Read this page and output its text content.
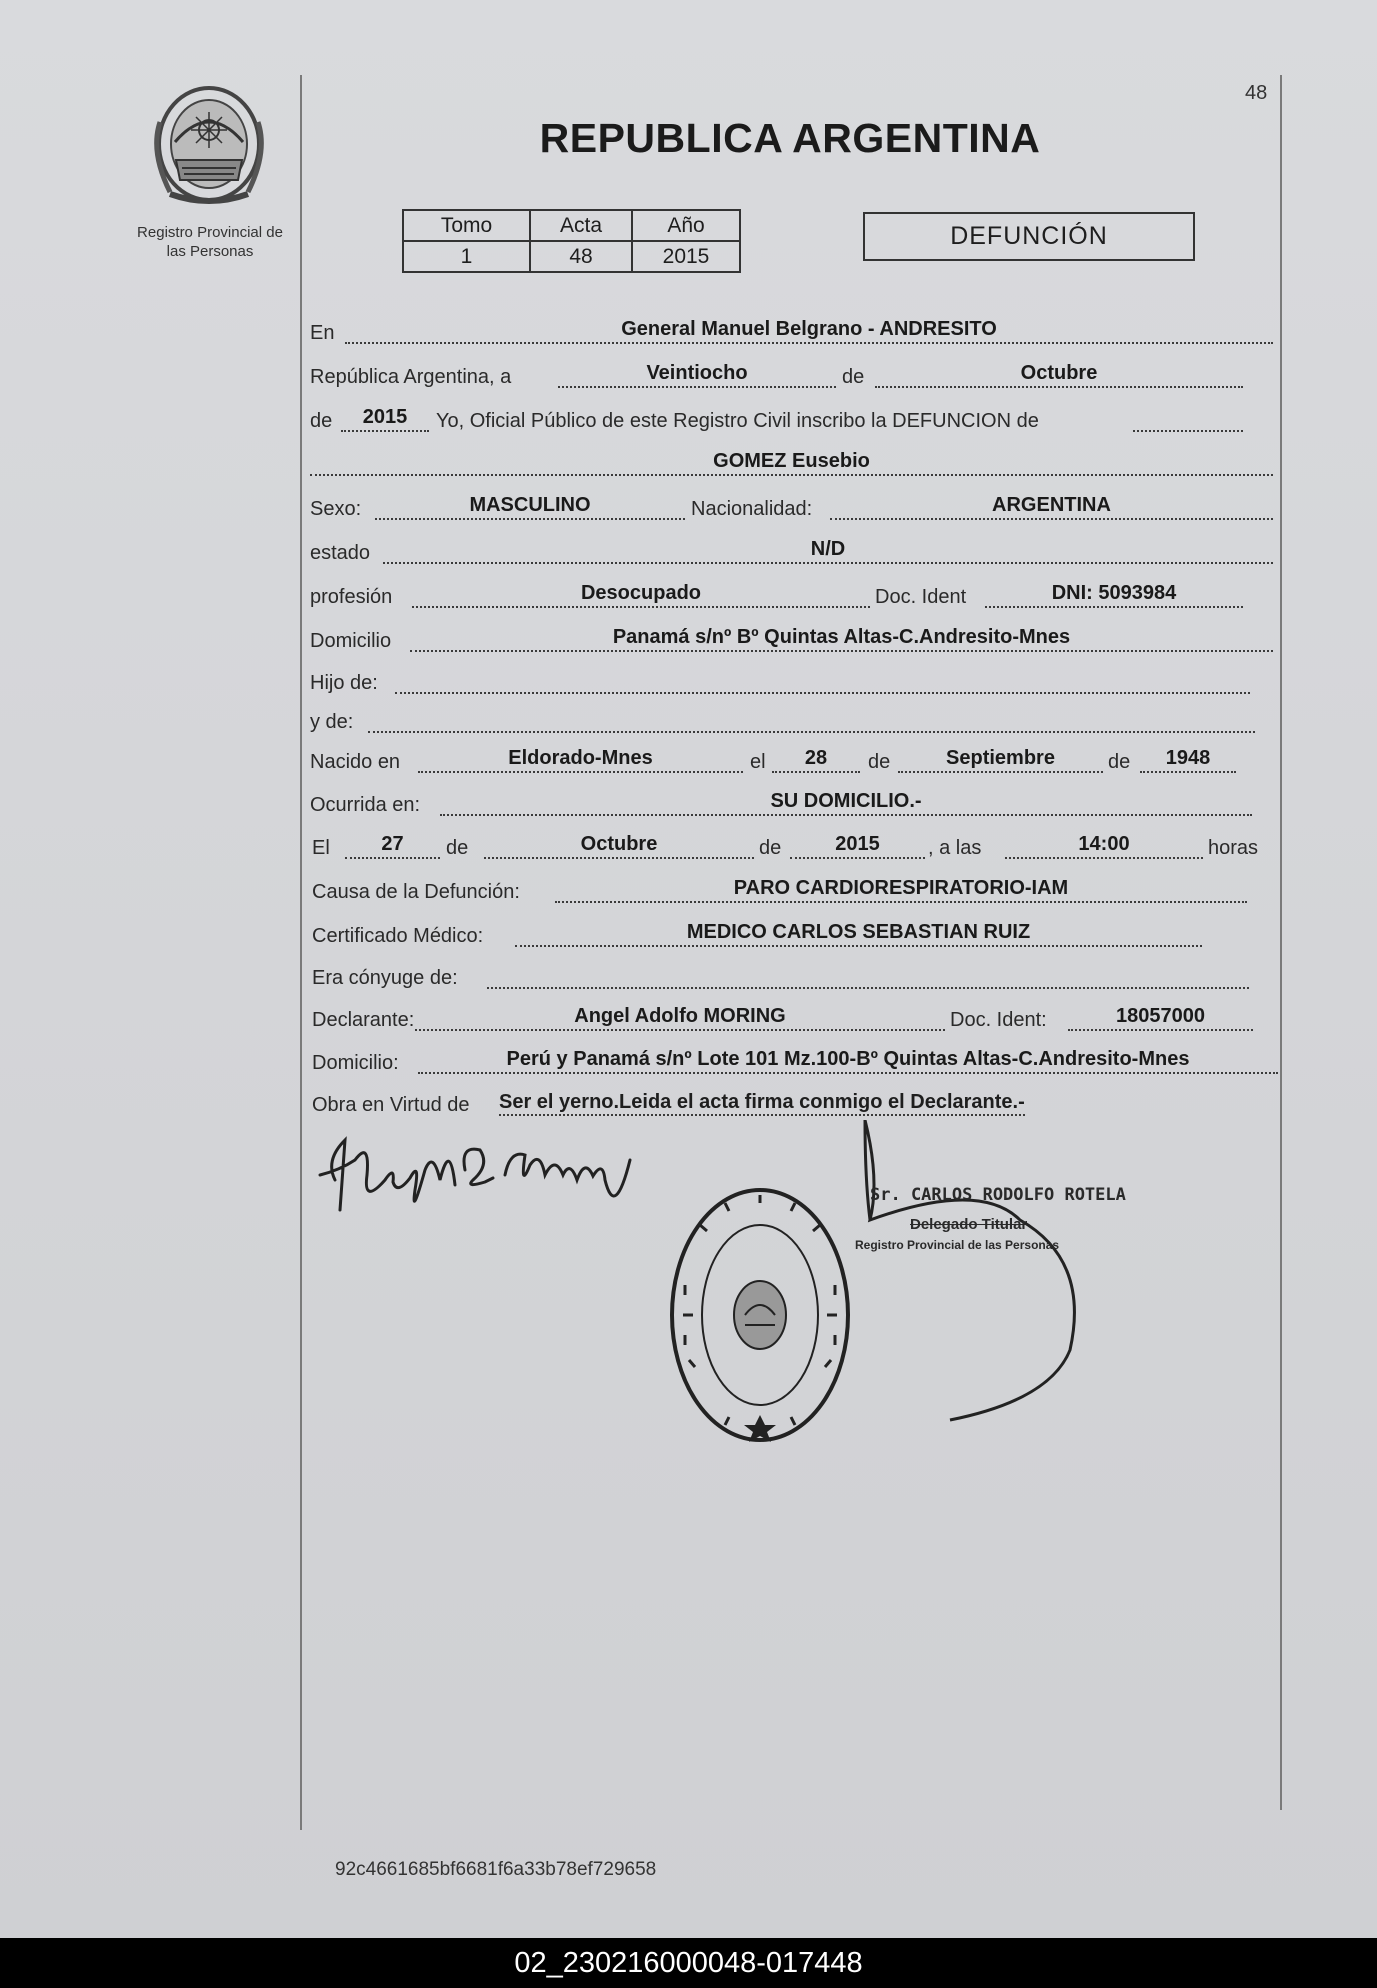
Registro Provincial de
las Personas
48
REPUBLICA ARGENTINA
Tomo	Acta	Año
1	48	2015
DEFUNCIÓN
En	General Manuel Belgrano - ANDRESITO
República Argentina, a	Veintiocho	de	Octubre
de	2015	Yo, Oficial Público de este Registro Civil inscribo la DEFUNCION de
GOMEZ Eusebio
Sexo:	MASCULINO	Nacionalidad:	ARGENTINA
estado	N/D
profesión	Desocupado	Doc. Ident	DNI: 5093984
Domicilio	Panamá s/nº Bº Quintas Altas-C.Andresito-Mnes
Hijo de:
y de:
Nacido en	Eldorado-Mnes	el	28	de	Septiembre	de	1948
Ocurrida en:	SU DOMICILIO.-
El	27	de	Octubre	de	2015	, a las	14:00	horas
Causa de la Defunción:	PARO CARDIORESPIRATORIO-IAM
Certificado Médico:	MEDICO CARLOS SEBASTIAN RUIZ
Era cónyuge de:
Declarante:	Angel Adolfo MORING	Doc. Ident:	18057000
Domicilio:	Perú y Panamá s/nº Lote 101 Mz.100-Bº Quintas Altas-C.Andresito-Mnes
Obra en Virtud de Ser el yerno.Leida el acta firma conmigo el Declarante.-
Sr. CARLOS RODOLFO ROTELA
Delegado Titular
Registro Provincial de las Personas
92c4661685bf6681f6a33b78ef729658
02_230216000048-017448
